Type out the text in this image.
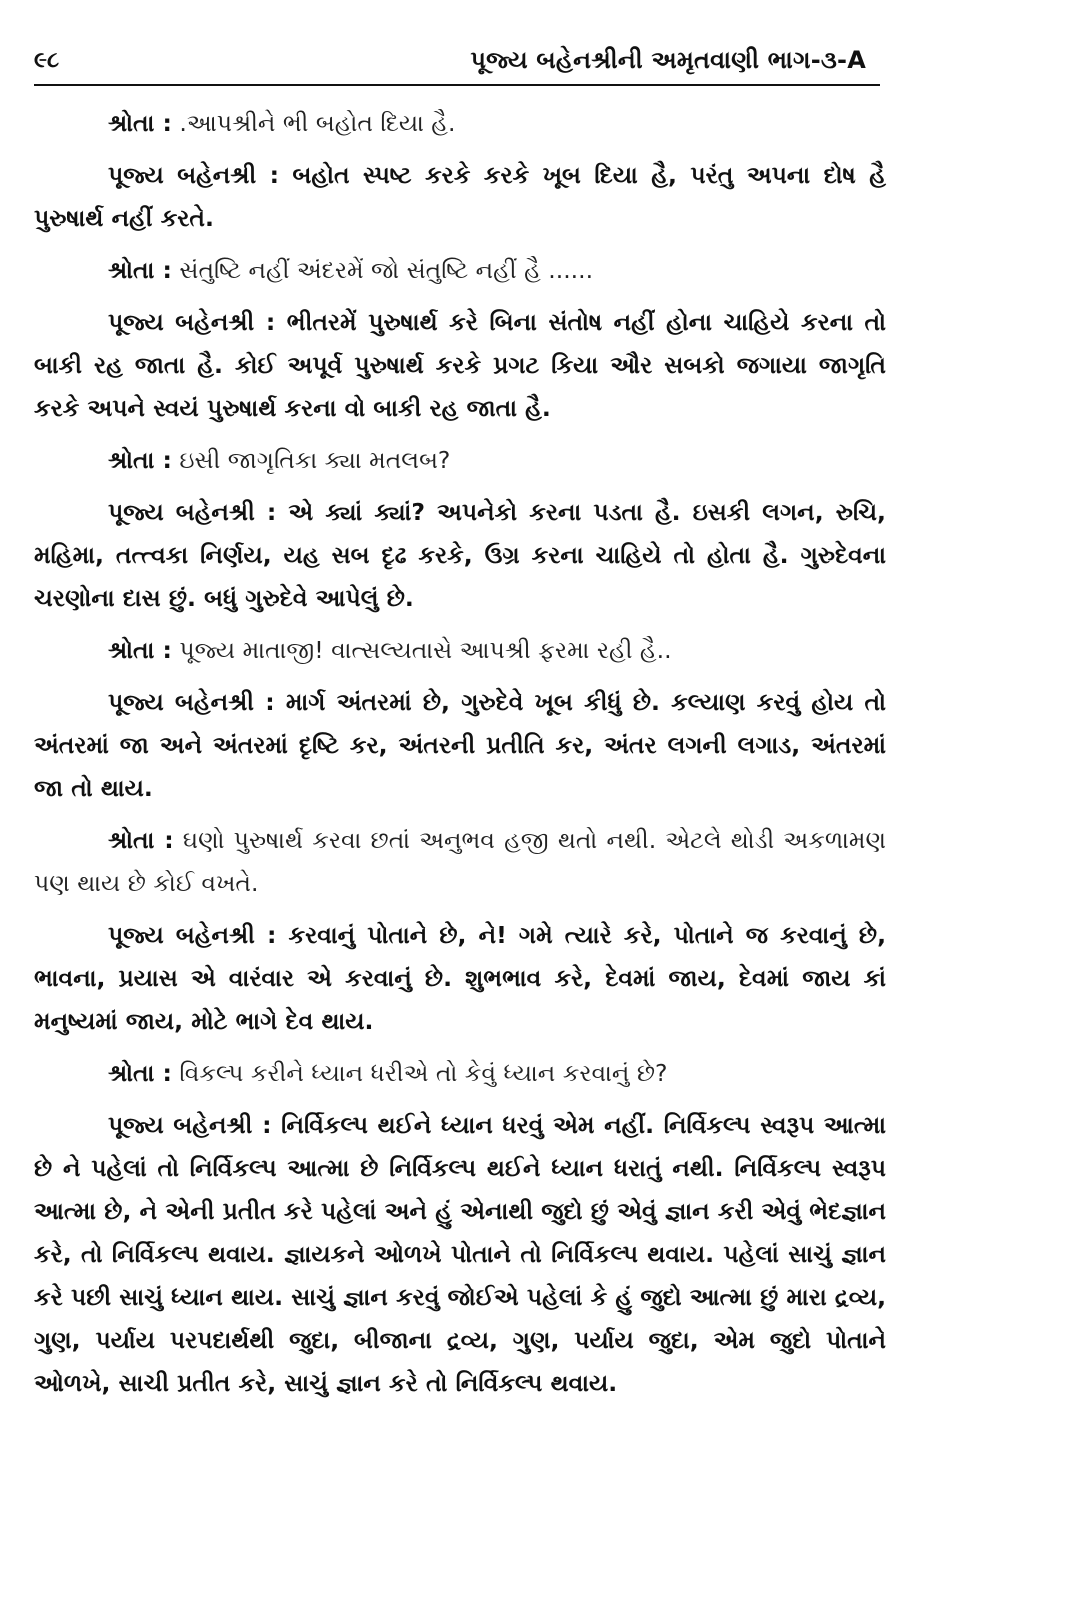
૯૮	પૂજ્ય બહેનશ્રીની અમૃતવાણી ભાગ-૩-A

શ્રોતા : .આપશ્રીને ભી બહોત દિયા હૈ.

પૂજ્ય બહેનશ્રી : બહોત સ્પષ્ટ કરકે કરકે ખૂબ દિયા હૈ, પરંતુ અપના દોષ હૈ પુરુષાર્થ નહીં કરતે.

શ્રોતા : સંતુષ્ટિ નહીં અંદરમેં જો સંતુષ્ટિ નહીં હૈ ......

પૂજ્ય બહેનશ્રી : ભીતરમેં પુરુષાર્થ કરે બિના સંતોષ નહીં હોના ચાહિયે કરના તો બાકી રહ જાતા હૈ. કોઈ અપૂર્વ પુરુષાર્થ કરકે પ્રગટ કિયા ઔર સબકો જગાયા જાગૃતિ કરકે અપને સ્વયં પુરુષાર્થ કરના વો બાકી રહ જાતા હૈ.

શ્રોતા : ઇસી જાગૃતિકા ક્યા મતલબ?

પૂજ્ય બહેનશ્રી : એ ક્યાં ક્યાં? અપનેકો કરના પડતા હૈ. ઇસકી લગન, રુચિ, મહિમા, તત્ત્વકા નિર્ણય, યહ સબ દૃઢ કરકે, ઉગ્ર કરના ચાહિયે તો હોતા હૈ. ગુરુદેવના ચરણોના દાસ છું. બધું ગુરુદેવે આપેલું છે.

શ્રોતા : પૂજ્ય માતાજી! વાત્સલ્યતાસે આપશ્રી ફરમા રહી હૈ..

પૂજ્ય બહેનશ્રી : માર્ગ અંતરમાં છે, ગુરુદેવે ખૂબ કીધું છે. કલ્યાણ કરવું હોય તો અંતરમાં જા અને અંતરમાં દૃષ્ટિ કર, અંતરની પ્રતીતિ કર, અંતર લગની લગાડ, અંતરમાં જા તો થાય.

શ્રોતા : ઘણો પુરુષાર્થ કરવા છતાં અનુભવ હજી થતો નથી. એટલે થોડી અકળામણ પણ થાય છે કોઈ વખતે.

પૂજ્ય બહેનશ્રી : કરવાનું પોતાને છે, ને! ગમે ત્યારે કરે, પોતાને જ કરવાનું છે, ભાવના, પ્રયાસ એ વારંવાર એ કરવાનું છે. શુભભાવ કરે, દેવમાં જાય, દેવમાં જાય કાં મનુષ્યમાં જાય, મોટે ભાગે દેવ થાય.

શ્રોતા : વિકલ્પ કરીને ધ્યાન ધરીએ તો કેવું ધ્યાન કરવાનું છે?

પૂજ્ય બહેનશ્રી : નિર્વિકલ્પ થઈને ધ્યાન ધરવું એમ નહીં. નિર્વિકલ્પ સ્વરૂપ આત્મા છે ને પહેલાં તો નિર્વિકલ્પ આત્મા છે નિર્વિકલ્પ થઈને ધ્યાન ધરાતું નથી. નિર્વિકલ્પ સ્વરૂપ આત્મા છે, ને એની પ્રતીત કરે પહેલાં અને હું એનાથી જુદો છું એવું જ્ઞાન કરી એવું ભેદજ્ઞાન કરે, તો નિર્વિકલ્પ થવાય. જ્ઞાયકને ઓળખે પોતાને તો નિર્વિકલ્પ થવાય. પહેલાં સાચું જ્ઞાન કરે પછી સાચું ધ્યાન થાય. સાચું જ્ઞાન કરવું જોઈએ પહેલાં કે હું જુદો આત્મા છું મારા દ્રવ્ય, ગુણ, પર્યાય પરપદાર્થથી જુદા, બીજાના દ્રવ્ય, ગુણ, પર્યાય જુદા, એમ જુદો પોતાને ઓળખે, સાચી પ્રતીત કરે, સાચું જ્ઞાન કરે તો નિર્વિકલ્પ થવાય.
